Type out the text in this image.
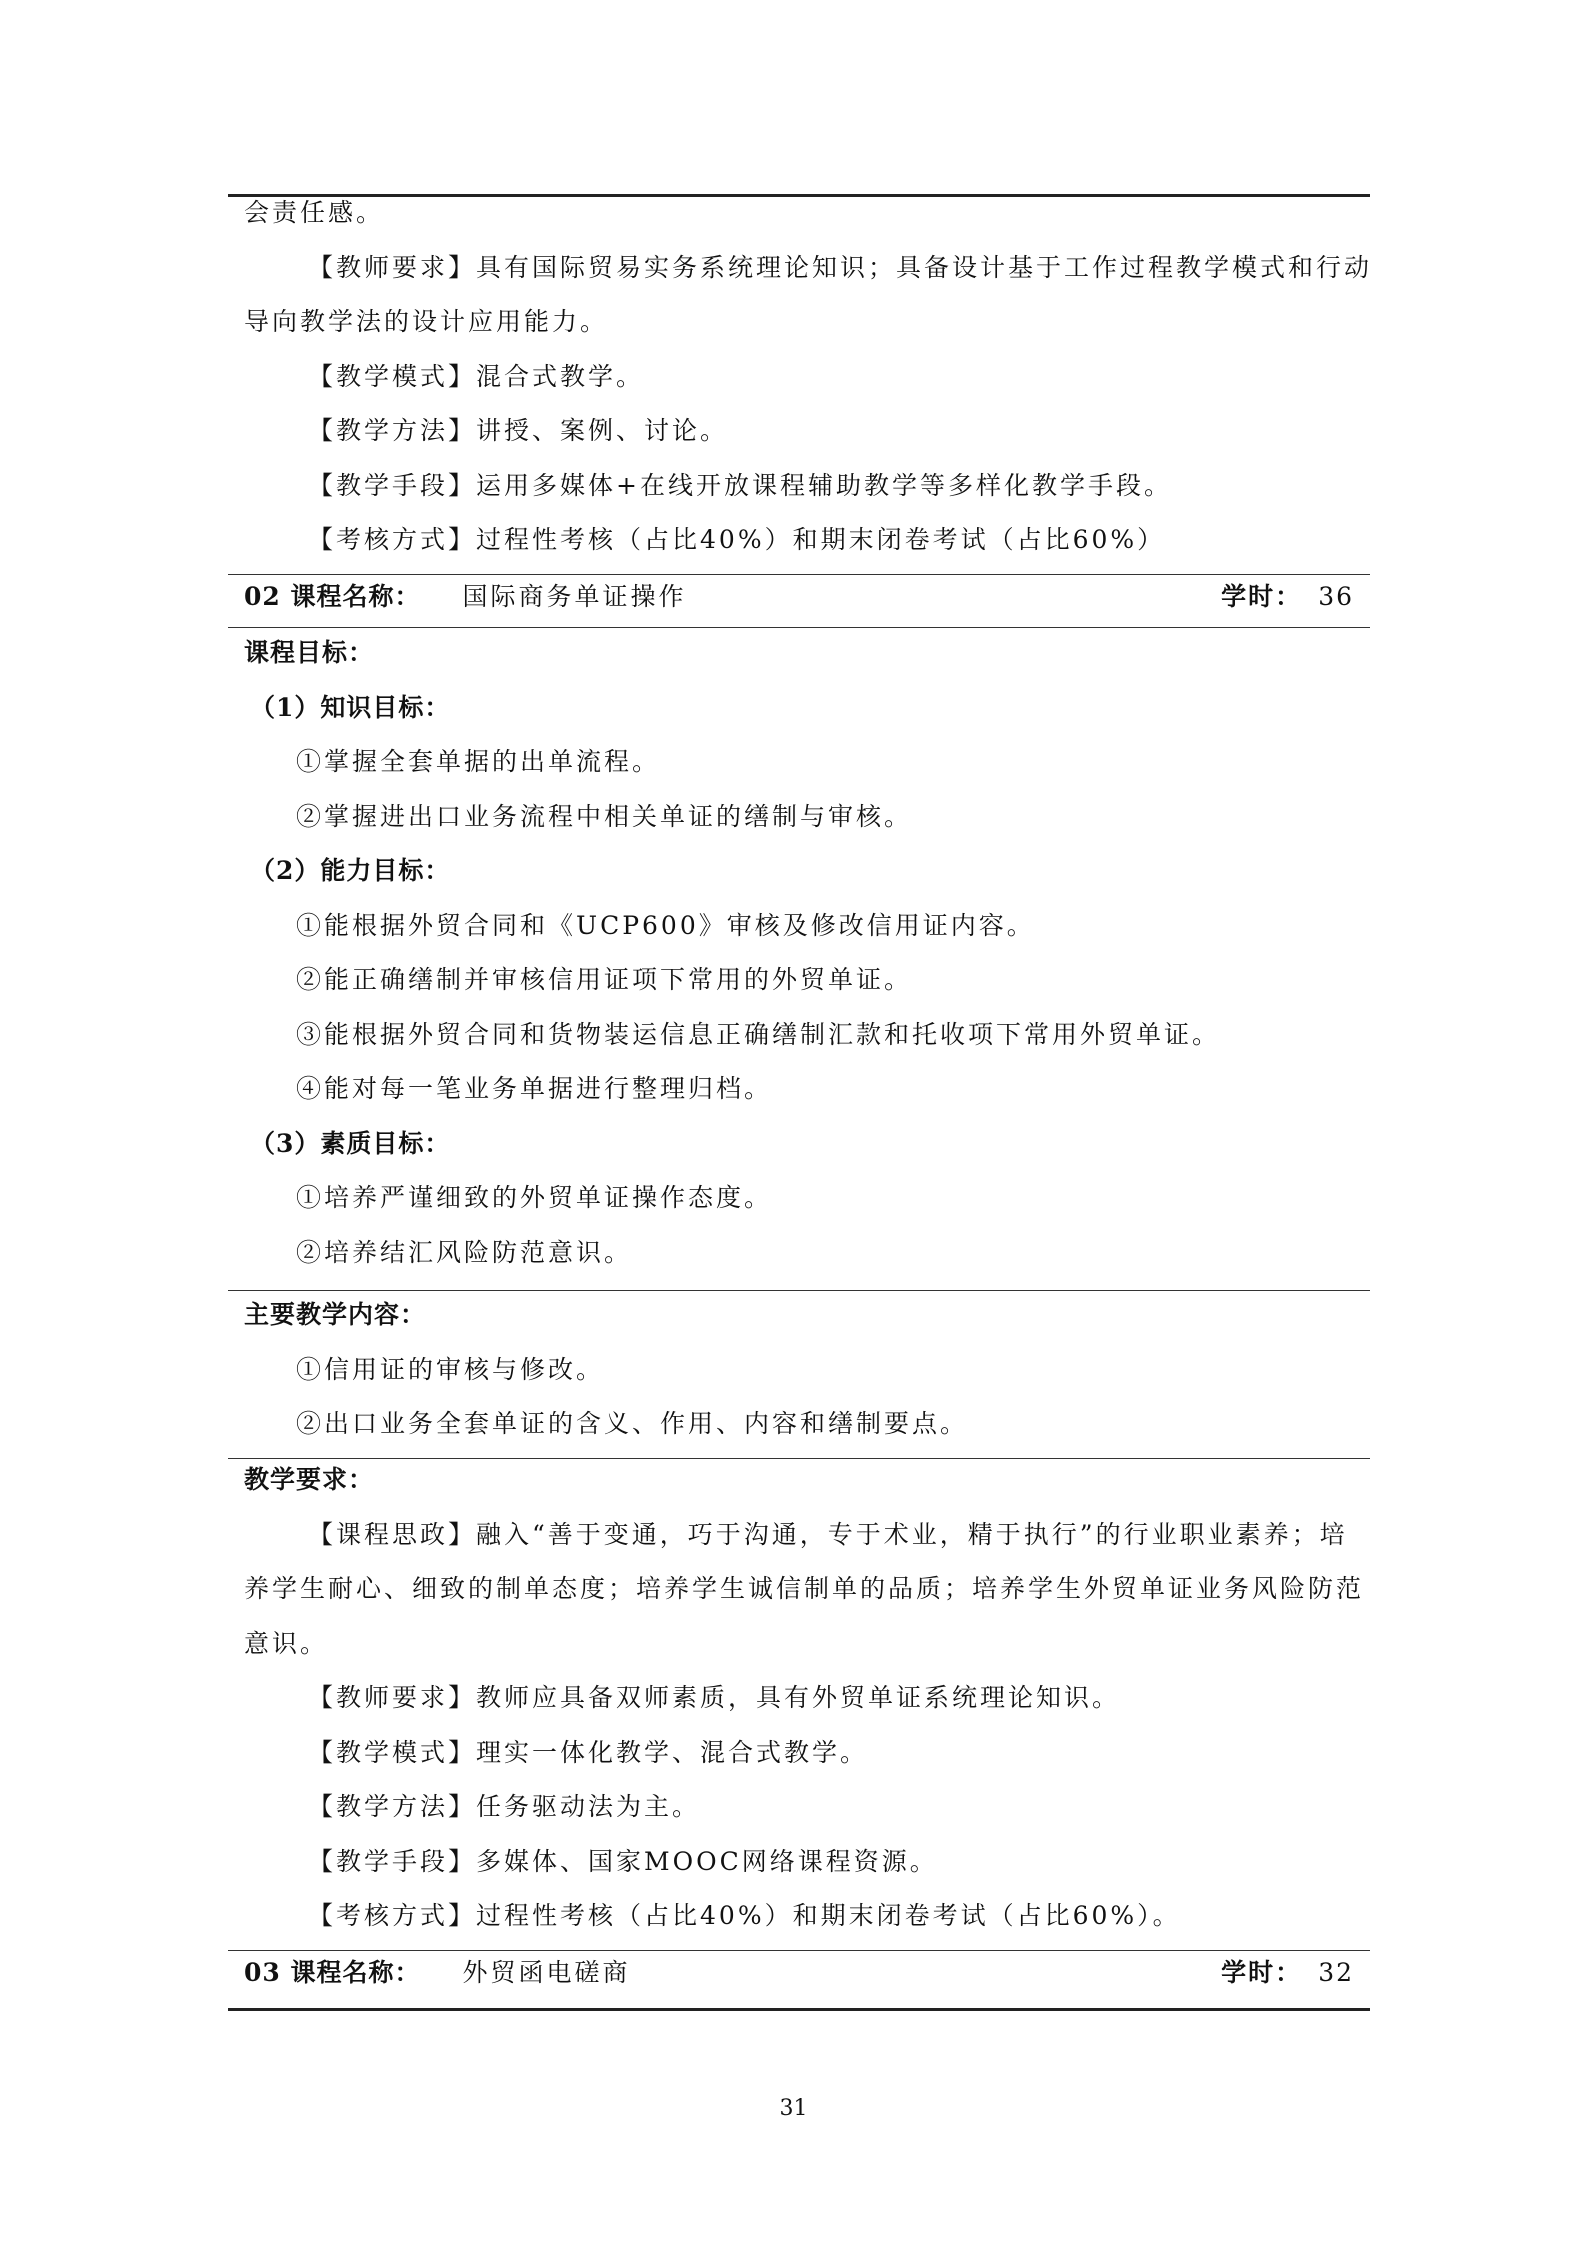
会责任感。
【教师要求】具有国际贸易实务系统理论知识；具备设计基于工作过程教学模式和行动
导向教学法的设计应用能力。
【教学模式】混合式教学。
【教学方法】讲授、案例、讨论。
【教学手段】运用多媒体+在线开放课程辅助教学等多样化教学手段。
【考核方式】过程性考核（占比40%）和期末闭卷考试（占比60%）
02 课程名称： 国际商务单证操作	学时： 36
课程目标：
（1）知识目标：
①掌握全套单据的出单流程。
②掌握进出口业务流程中相关单证的缮制与审核。
（2）能力目标：
①能根据外贸合同和《UCP600》审核及修改信用证内容。
②能正确缮制并审核信用证项下常用的外贸单证。
③能根据外贸合同和货物装运信息正确缮制汇款和托收项下常用外贸单证。
④能对每一笔业务单据进行整理归档。
（3）素质目标：
①培养严谨细致的外贸单证操作态度。
②培养结汇风险防范意识。
主要教学内容：
①信用证的审核与修改。
②出口业务全套单证的含义、作用、内容和缮制要点。
教学要求：
【课程思政】融入“善于变通，巧于沟通，专于术业，精于执行”的行业职业素养；培
养学生耐心、细致的制单态度；培养学生诚信制单的品质；培养学生外贸单证业务风险防范
意识。
【教师要求】教师应具备双师素质，具有外贸单证系统理论知识。
【教学模式】理实一体化教学、混合式教学。
【教学方法】任务驱动法为主。
【教学手段】多媒体、国家MOOC网络课程资源。
【考核方式】过程性考核（占比40%）和期末闭卷考试（占比60%）。
03 课程名称： 外贸函电磋商	学时： 32
31
